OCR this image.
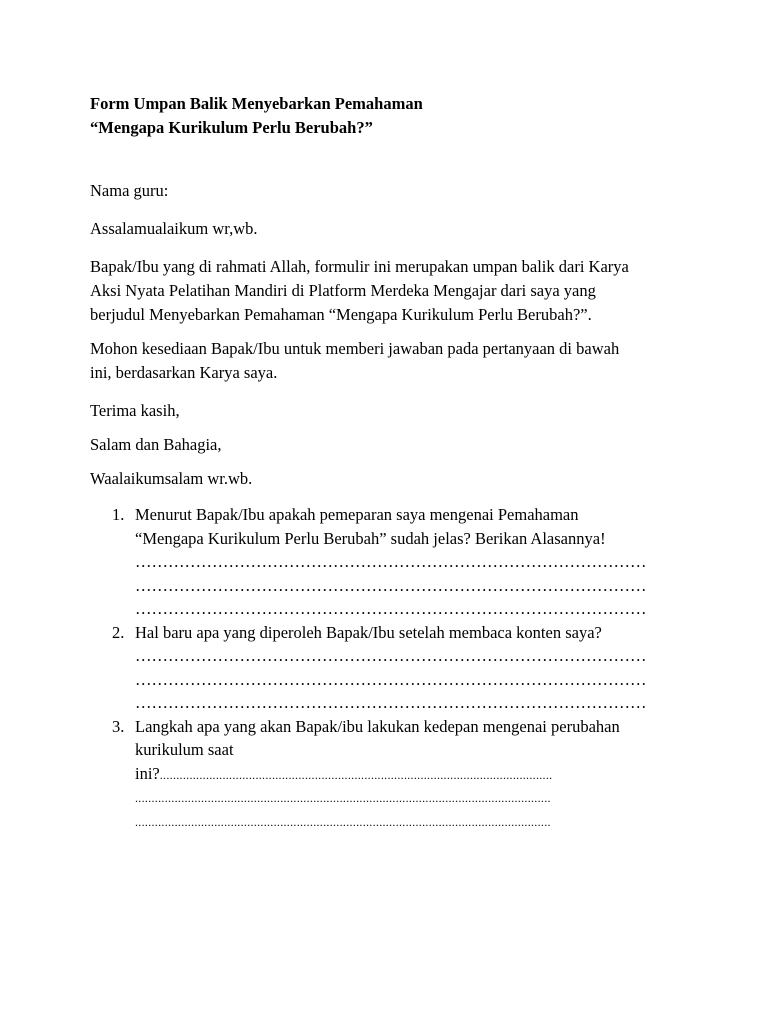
Form Umpan Balik Menyebarkan Pemahaman
“Mengapa Kurikulum Perlu Berubah?”

Nama guru:

Assalamualaikum wr,wb.

Bapak/Ibu yang di rahmati Allah, formulir ini merupakan umpan balik dari Karya
Aksi Nyata Pelatihan Mandiri di Platform Merdeka Mengajar dari saya yang
berjudul Menyebarkan Pemahaman “Mengapa Kurikulum Perlu Berubah?”.
Mohon kesediaan Bapak/Ibu untuk memberi jawaban pada pertanyaan di bawah
ini, berdasarkan Karya saya.

Terima kasih,

Salam dan Bahagia,

Waalaikumsalam wr.wb.

1. Menurut Bapak/Ibu apakah pemeparan saya mengenai Pemahaman
“Mengapa Kurikulum Perlu Berubah” sudah jelas? Berikan Alasannya!
…………………………………………………………………………………
…………………………………………………………………………………
…………………………………………………………………………………
2. Hal baru apa yang diperoleh Bapak/Ibu setelah membaca konten saya?
…………………………………………………………………………………
…………………………………………………………………………………
…………………………………………………………………………………
3. Langkah apa yang akan Bapak/ibu lakukan kedepan mengenai perubahan
kurikulum saat
ini?.......................................................................................................................
..............................................................................................................................
..............................................................................................................................
